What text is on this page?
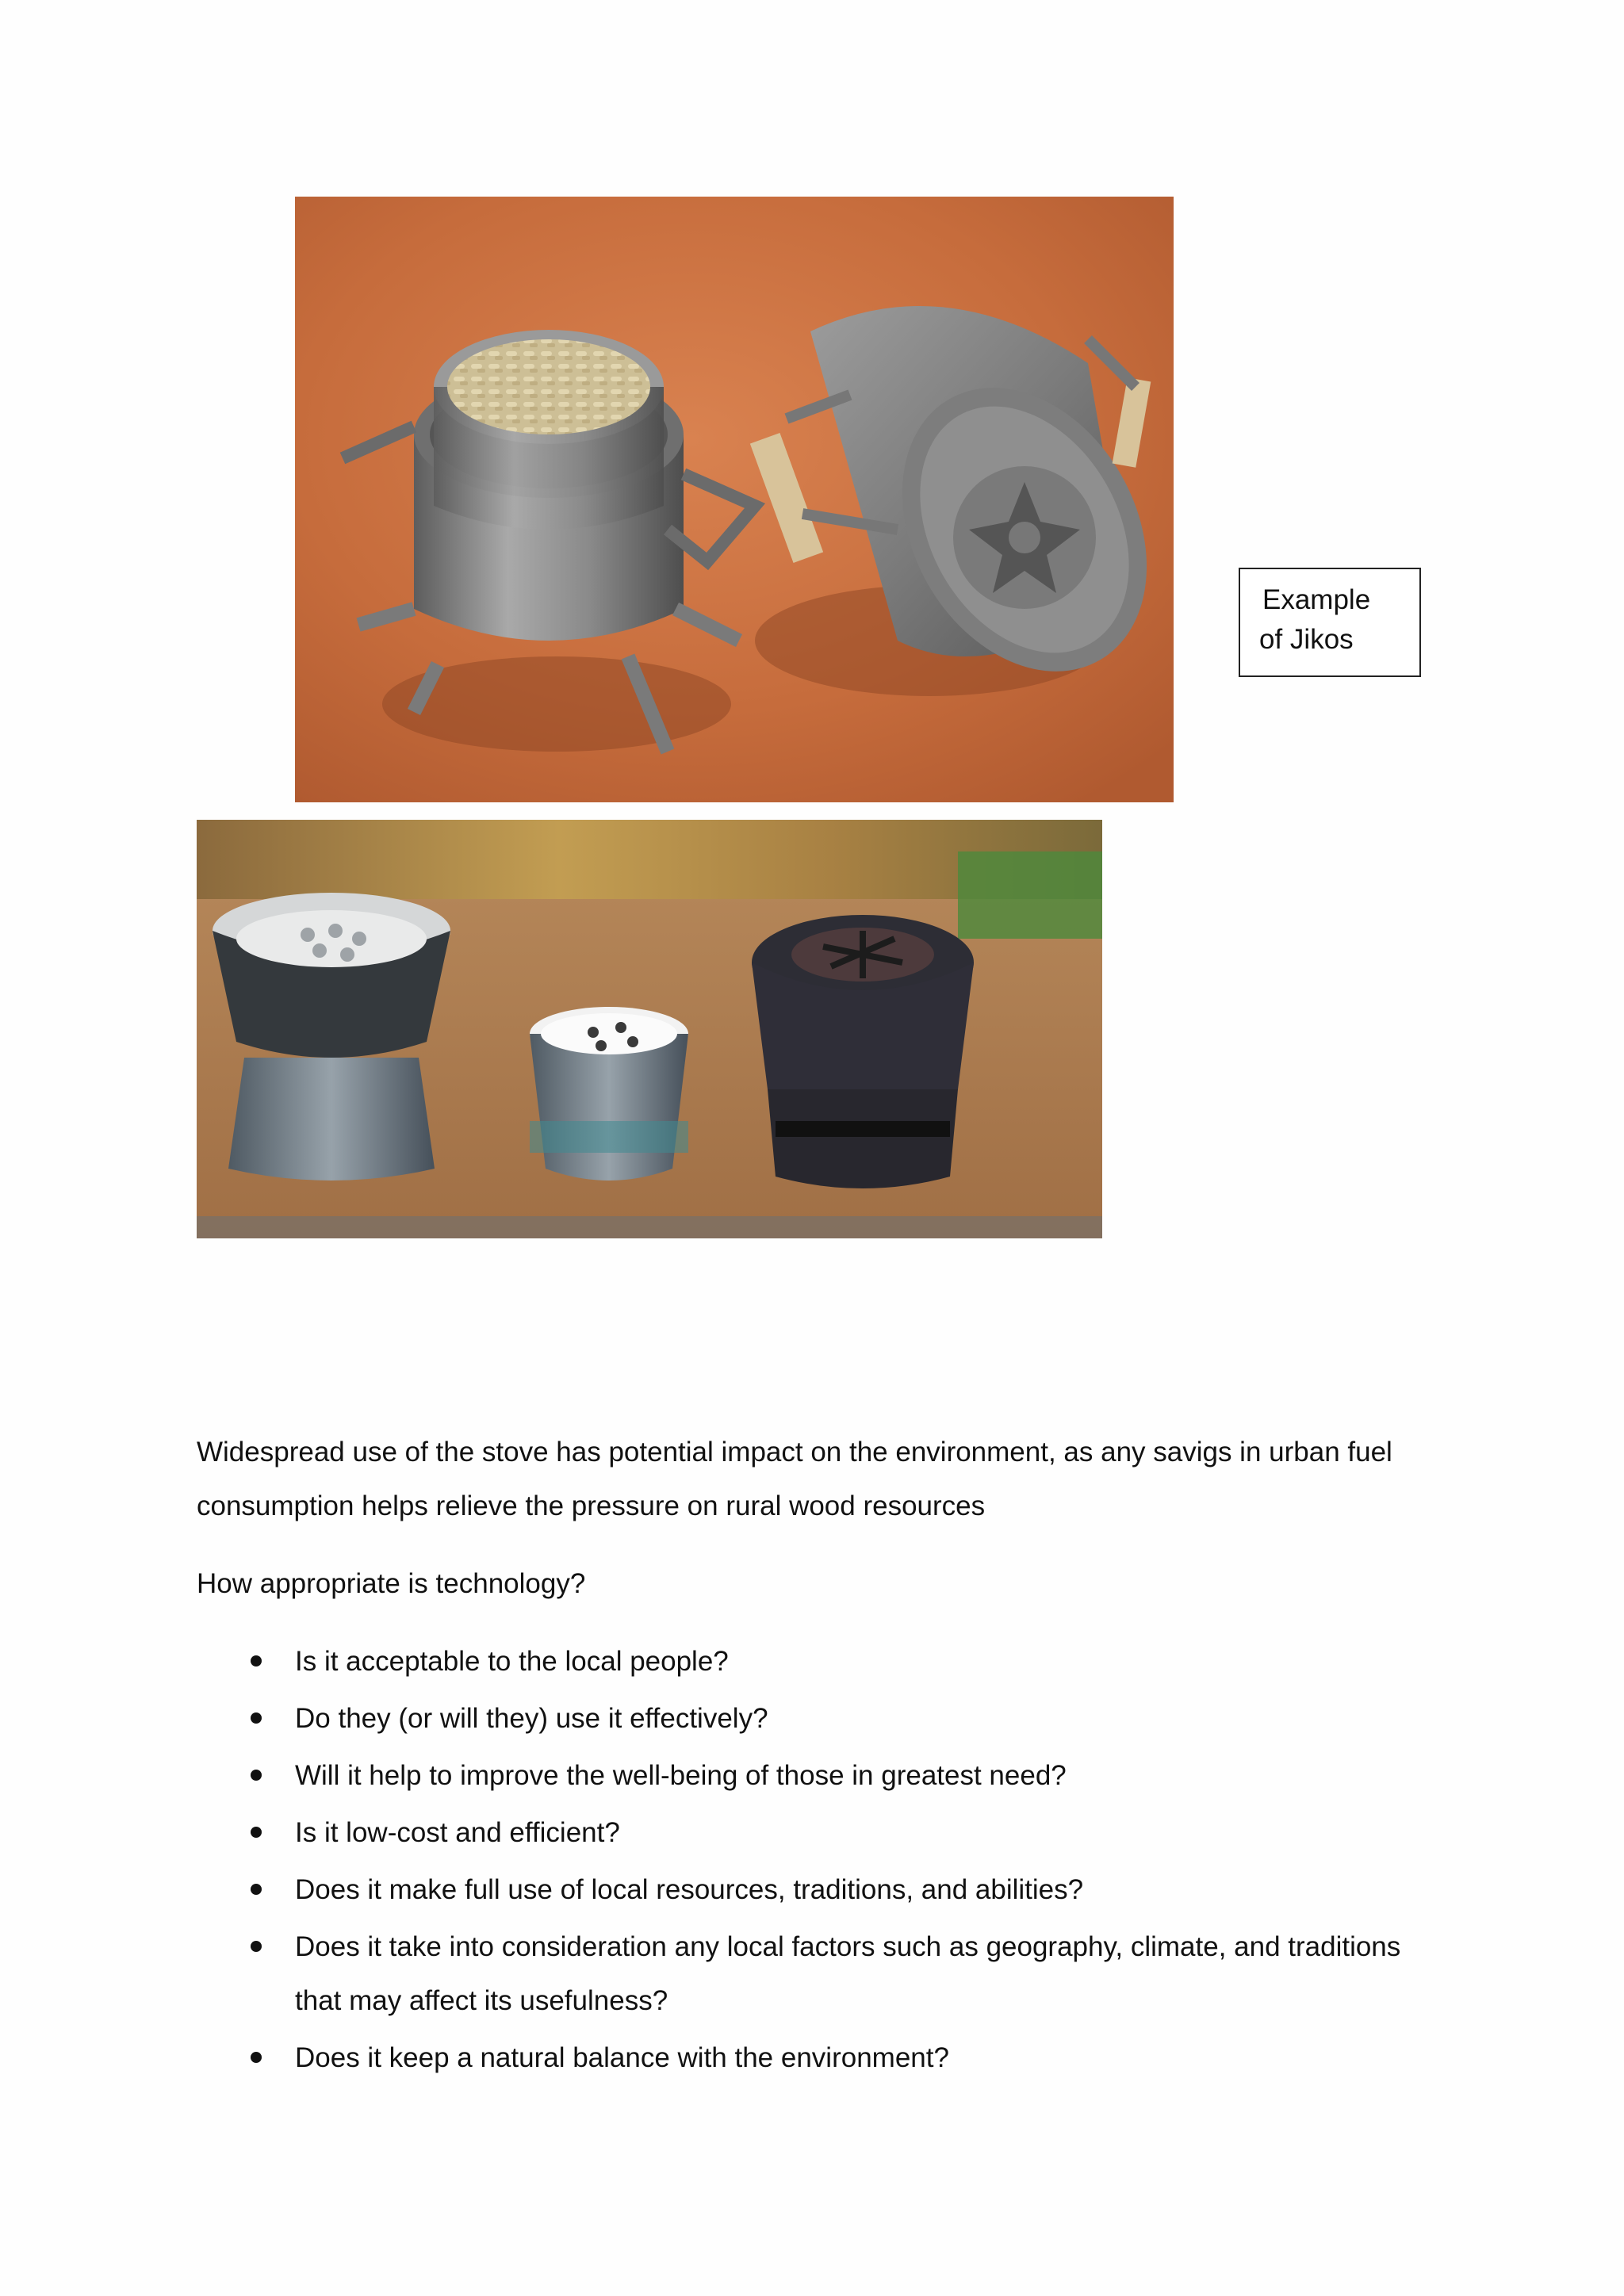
Example
of Jikos

Widespread use of the stove has potential impact on the environment, as any savigs in urban fuel consumption helps relieve the pressure on rural wood resources

How appropriate is technology?

Is it acceptable to the local people?
Do they (or will they) use it effectively?
Will it help to improve the well-being of those in greatest need?
Is it low-cost and efficient?
Does it make full use of local resources, traditions, and abilities?
Does it take into consideration any local factors such as geography, climate, and traditions that may affect its usefulness?
Does it keep a natural balance with the environment?
